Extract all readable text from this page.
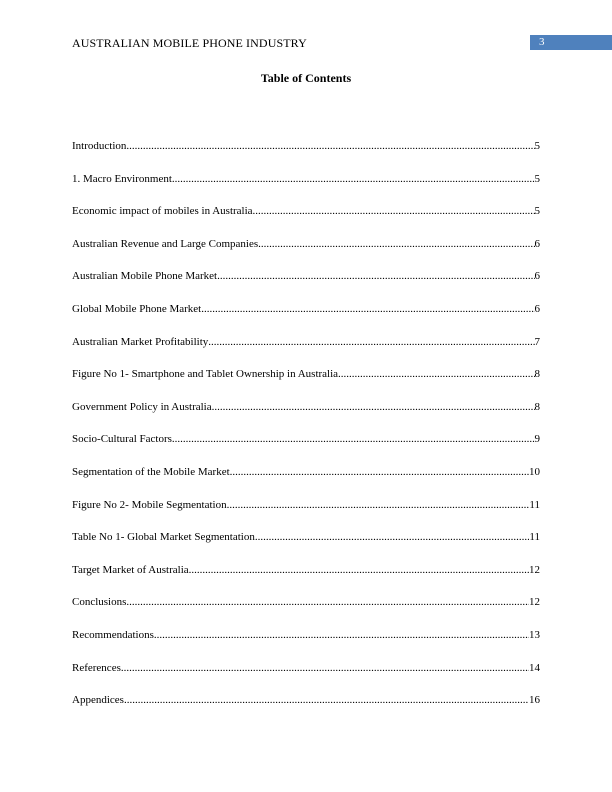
AUSTRALIAN MOBILE PHONE INDUSTRY	3
Table of Contents
Introduction .....	5
1. Macro Environment .....	5
Economic impact of mobiles in Australia .....	5
Australian Revenue and Large Companies .....	6
Australian Mobile Phone Market .....	6
Global Mobile Phone Market .....	6
Australian Market Profitability .....	7
Figure No 1- Smartphone and Tablet Ownership in Australia .....	8
Government Policy in Australia .....	8
Socio-Cultural Factors .....	9
Segmentation of the Mobile Market .....	10
Figure No 2- Mobile Segmentation .....	11
Table No 1- Global Market Segmentation .....	11
Target Market of Australia .....	12
Conclusions .....	12
Recommendations .....	13
References .....	14
Appendices .....	16
